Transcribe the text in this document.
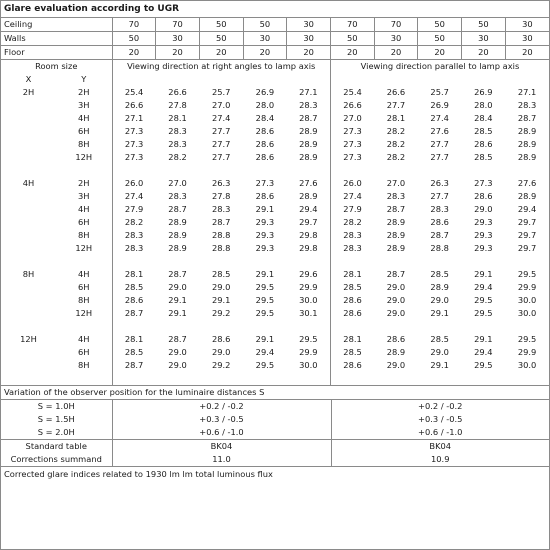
Glare evaluation according to UGR
Ceiling	70	70	50	50	30	70	70	50	50	30
Walls	50	30	50	30	30	50	30	50	30	30
Floor	20	20	20	20	20	20	20	20	20	20
Room size		Viewing direction at right angles to lamp axis					Viewing direction parallel to lamp axis				
X	Y										
2H	2H	25.4	26.6	25.7	26.9	27.1	25.4	26.6	25.7	26.9	27.1
	3H	26.6	27.8	27.0	28.0	28.3	26.6	27.7	26.9	28.0	28.3
	4H	27.1	28.1	27.4	28.4	28.7	27.0	28.1	27.4	28.4	28.7
	6H	27.3	28.3	27.7	28.6	28.9	27.3	28.2	27.6	28.5	28.9
	8H	27.3	28.3	27.7	28.6	28.9	27.3	28.2	27.7	28.6	28.9
	12H	27.3	28.2	27.7	28.6	28.9	27.3	28.2	27.7	28.5	28.9

4H	2H	26.0	27.0	26.3	27.3	27.6	26.0	27.0	26.3	27.3	27.6
	3H	27.4	28.3	27.8	28.6	28.9	27.4	28.3	27.7	28.6	28.9
	4H	27.9	28.7	28.3	29.1	29.4	27.9	28.7	28.3	29.0	29.4
	6H	28.2	28.9	28.7	29.3	29.7	28.2	28.9	28.6	29.3	29.7
	8H	28.3	28.9	28.8	29.3	29.8	28.3	28.9	28.7	29.3	29.7
	12H	28.3	28.9	28.8	29.3	29.8	28.3	28.9	28.8	29.3	29.7

8H	4H	28.1	28.7	28.5	29.1	29.6	28.1	28.7	28.5	29.1	29.5
	6H	28.5	29.0	29.0	29.5	29.9	28.5	29.0	28.9	29.4	29.9
	8H	28.6	29.1	29.1	29.5	30.0	28.6	29.0	29.0	29.5	30.0
	12H	28.7	29.1	29.2	29.5	30.1	28.6	29.0	29.1	29.5	30.0

12H	4H	28.1	28.7	28.6	29.1	29.5	28.1	28.6	28.5	29.1	29.5
	6H	28.5	29.0	29.0	29.4	29.9	28.5	28.9	29.0	29.4	29.9
	8H	28.7	29.0	29.2	29.5	30.0	28.6	29.0	29.1	29.5	30.0

Variation of the observer position for the luminaire distances S
S = 1.0H	+0.2 / -0.2	+0.2 / -0.2
S = 1.5H	+0.3 / -0.5	+0.3 / -0.5
S = 2.0H	+0.6 / -1.0	+0.6 / -1.0
Standard table	BK04	BK04
Corrections summand	11.0	10.9
Corrected glare indices related to 1930 lm lm total luminous flux
